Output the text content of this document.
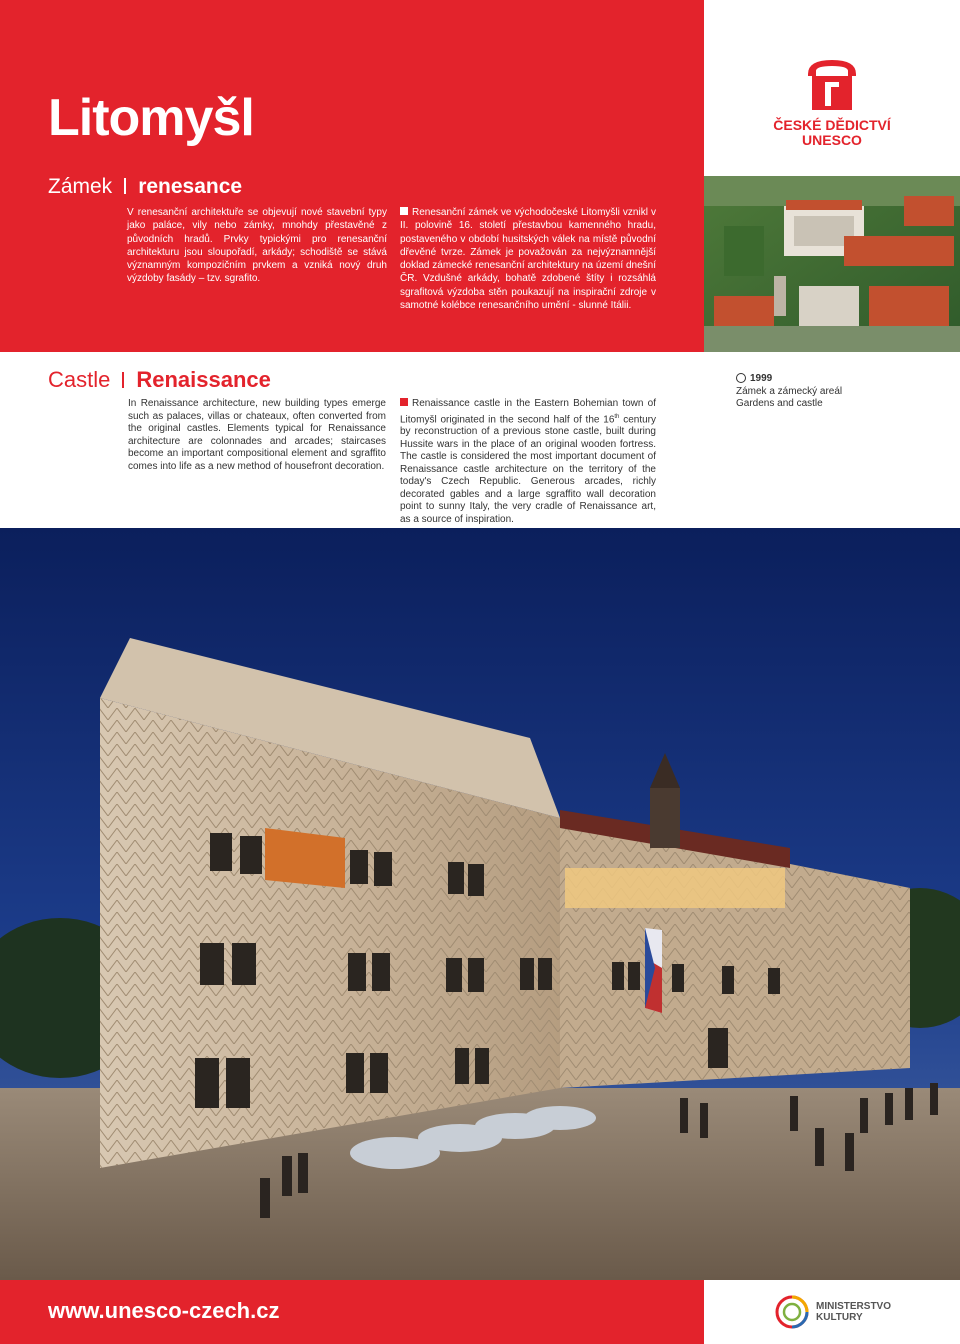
Litomyšl
Zámek renesance
V renesanční architektuře se objevují nové stavební typy jako paláce, vily nebo zámky, mnohdy přestavěné z původních hradů. Prvky typickými pro renesanční architekturu jsou sloupořadí, arkády; schodiště se stává významným kompozičním prvkem a vzniká nový druh výzdoby fasády – tzv. sgrafito.
Renesanční zámek ve východočeské Litomyšli vznikl v II. polovině 16. století přestavbou kamenného hradu, postaveného v období husitských válek na místě původní dřevěné tvrze. Zámek je považován za nejvýznamnější doklad zámecké renesanční architektury na území dnešní ČR. Vzdušné arkády, bohatě zdobené štíty i rozsáhlá sgrafitová výzdoba stěn poukazují na inspirační zdroje v samotné kolébce renesančního umění - slunné Itálii.
ČESKÉ DĚDICTVÍ
UNESCO
Castle Renaissance
In Renaissance architecture, new building types emerge such as palaces, villas or chateaux, often converted from the original castles. Elements typical for Renaissance architecture are colonnades and arcades; staircases become an important compositional element and sgraffito comes into life as a new method of housefront decoration.
Renaissance castle in the Eastern Bohemian town of Litomyšl originated in the second half of the 16th century by reconstruction of a previous stone castle, built during Hussite wars in the place of an original wooden fortress. The castle is considered the most important document of Renaissance castle architecture on the territory of the today's Czech Republic. Generous arcades, richly decorated gables and a large sgraffito wall decoration point to sunny Italy, the very cradle of Renaissance art, as a source of inspiration.
1999
Zámek a zámecký areál
Gardens and castle
www.unesco-czech.cz	MINISTERSTVO
KULTURY
